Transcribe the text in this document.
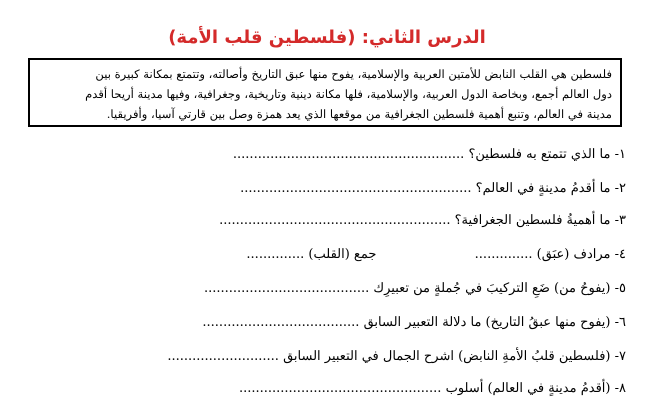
الدرس الثاني: (فلسطين قلب الأمة)
فلسطين هي القلب النابض للأمتين العربية والإسلامية، يفوح منها عبق التاريخ وأصالته، وتتمتع بمكانة كبيرة بين
دول العالم أجمع، وبخاصة الدول العربية، والإسلامية، فلها مكانة دينية وتاريخية، وجغرافية، وفيها مدينة أريحا أقدم
مدينة في العالم، وتنبع أهمية فلسطين الجغرافية من موقعها الذي يعد همزة وصل بين قارتي آسيا، وأفريقيا.
١- ما الذي تتمتع به فلسطين؟ ........................................................
٢- ما أقدمُ مدينةٍ في العالم؟ ........................................................
٣- ما أهميةُ فلسطين الجغرافية؟ ........................................................
٤- مرادف (عبَق) ..............  جمع (القلب) ..............
٥- (يفوحُ من) ضَعِ التركيبَ في جُملةٍ من تعبيرِك ........................................
٦- (يفوح منها عبقُ التاريخ) ما دلالة التعبير السابق ......................................
٧- (فلسطين قلبُ الأمةِ النابض) اشرح الجمال في التعبير السابق ...........................
٨- (أقدمُ مدينةٍ في العالم) أسلوب .................................................
